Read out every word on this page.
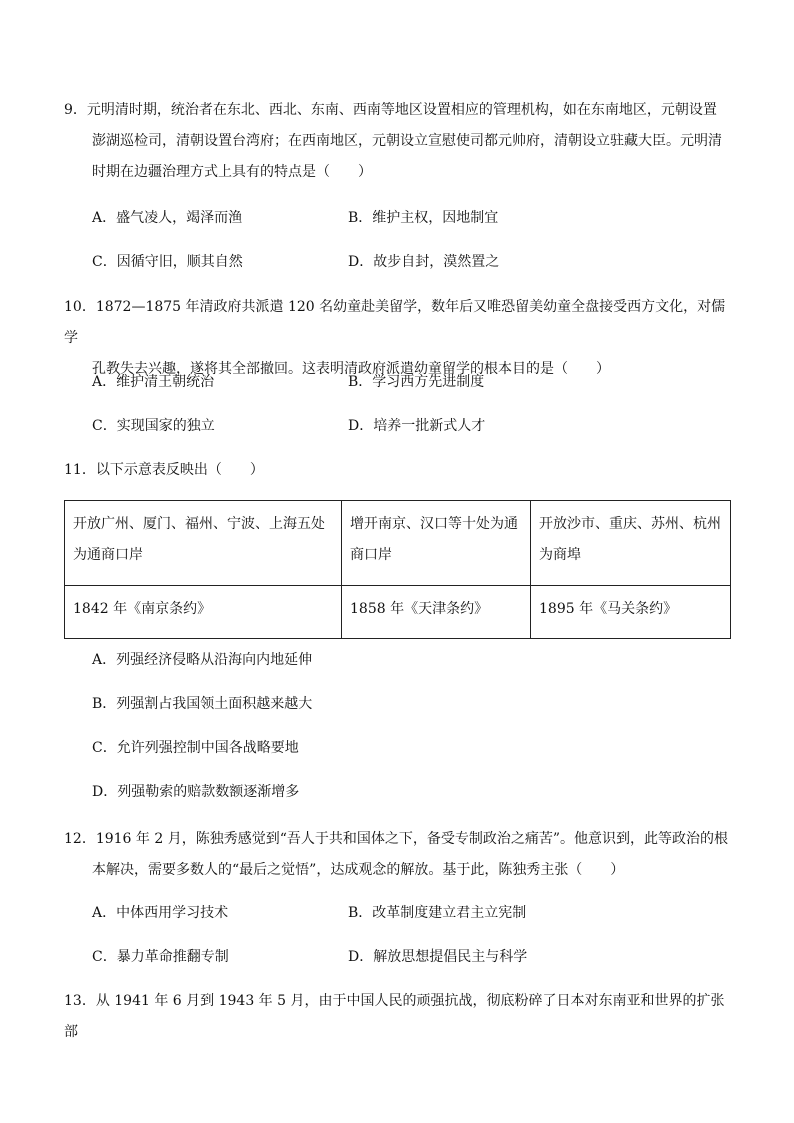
9．元明清时期，统治者在东北、西北、东南、西南等地区设置相应的管理机构，如在东南地区，元朝设置

澎湖巡检司，清朝设置台湾府；在西南地区，元朝设立宣慰使司都元帅府，清朝设立驻藏大臣。元明清
时期在边疆治理方式上具有的特点是（　　）

A．盛气凌人，竭泽而渔	B．维护主权，因地制宜
C．因循守旧，顺其自然	D．故步自封，漠然置之

10．1872—1875 年清政府共派遣 120 名幼童赴美留学，数年后又唯恐留美幼童全盘接受西方文化，对儒学

孔教失去兴趣，遂将其全部撤回。这表明清政府派遣幼童留学的根本目的是（　　）

A．维护清王朝统治	B．学习西方先进制度
C．实现国家的独立	D．培养一批新式人才

11．以下示意表反映出（　　）

开放广州、厦门、福州、宁波、上海五处为通商口岸	增开南京、汉口等十处为通商口岸	开放沙市、重庆、苏州、杭州为商埠
1842 年《南京条约》	1858 年《天津条约》	1895 年《马关条约》
A．列强经济侵略从沿海向内地延伸
B．列强割占我国领土面积越来越大
C．允许列强控制中国各战略要地
D．列强勒索的赔款数额逐渐增多

12．1916 年 2 月，陈独秀感觉到“吾人于共和国体之下，备受专制政治之痛苦”。他意识到，此等政治的根

本解决，需要多数人的“最后之觉悟”，达成观念的解放。基于此，陈独秀主张（　　）

A．中体西用学习技术	B．改革制度建立君主立宪制
C．暴力革命推翻专制	D．解放思想提倡民主与科学

13．从 1941 年 6 月到 1943 年 5 月，由于中国人民的顽强抗战，彻底粉碎了日本对东南亚和世界的扩张部
